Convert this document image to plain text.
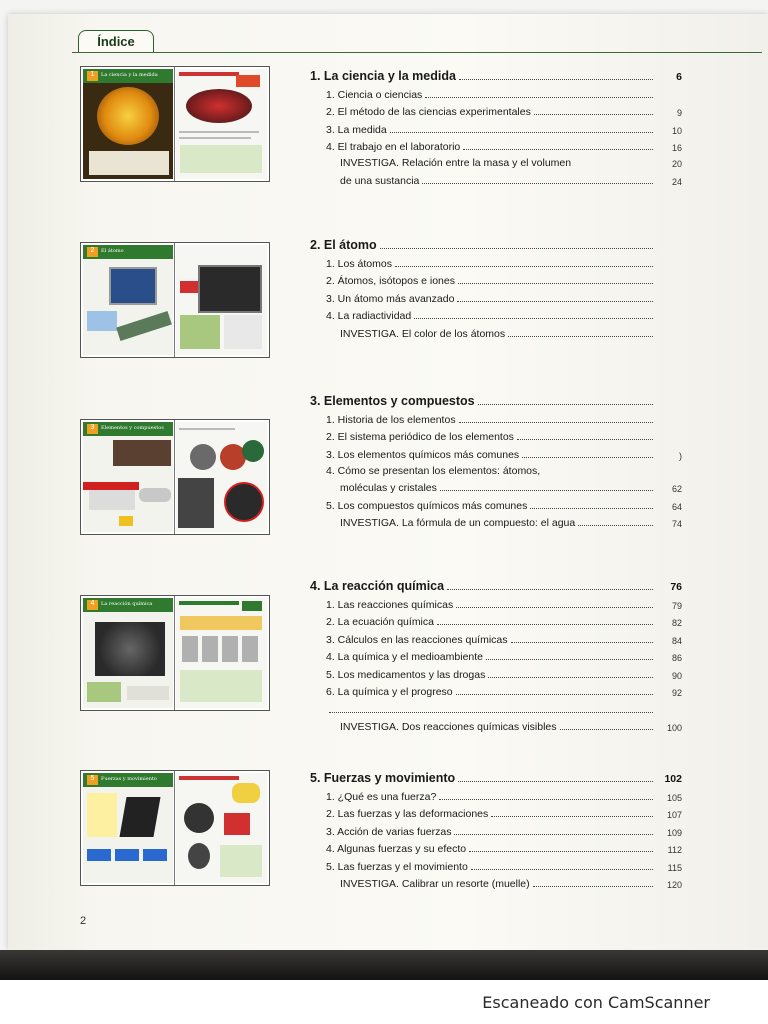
Índice
1	La ciencia y la medida
2	El átomo
3	Elementos y compuestos
4	La reacción química
5	Fuerzas y movimiento
1. La ciencia y la medida	6
1. Ciencia o ciencias
2. El método de las ciencias experimentales	9
3. La medida	10
4. El trabajo en el laboratorio	16
INVESTIGA. Relación entre la masa y el volumen	20
de una sustancia	24
2. El átomo
1. Los átomos
2. Átomos, isótopos e iones
3. Un átomo más avanzado
4. La radiactividad
INVESTIGA. El color de los átomos
3. Elementos y compuestos
1. Historia de los elementos
2. El sistema periódico de los elementos
3. Los elementos químicos más comunes	)
4. Cómo se presentan los elementos: átomos,
moléculas y cristales	62
5. Los compuestos químicos más comunes	64
INVESTIGA. La fórmula de un compuesto: el agua	74
4. La reacción química	76
1. Las reacciones químicas	79
2. La ecuación química	82
3. Cálculos en las reacciones químicas	84
4. La química y el medioambiente	86
5. Los medicamentos y las drogas	90
6. La química y el progreso	92
INVESTIGA. Dos reacciones químicas visibles	100
5. Fuerzas y movimiento	102
1. ¿Qué es una fuerza?	105
2. Las fuerzas y las deformaciones	107
3. Acción de varias fuerzas	109
4. Algunas fuerzas y su efecto	112
5. Las fuerzas y el movimiento	115
INVESTIGA. Calibrar un resorte (muelle)	120
2
Escaneado con CamScanner
